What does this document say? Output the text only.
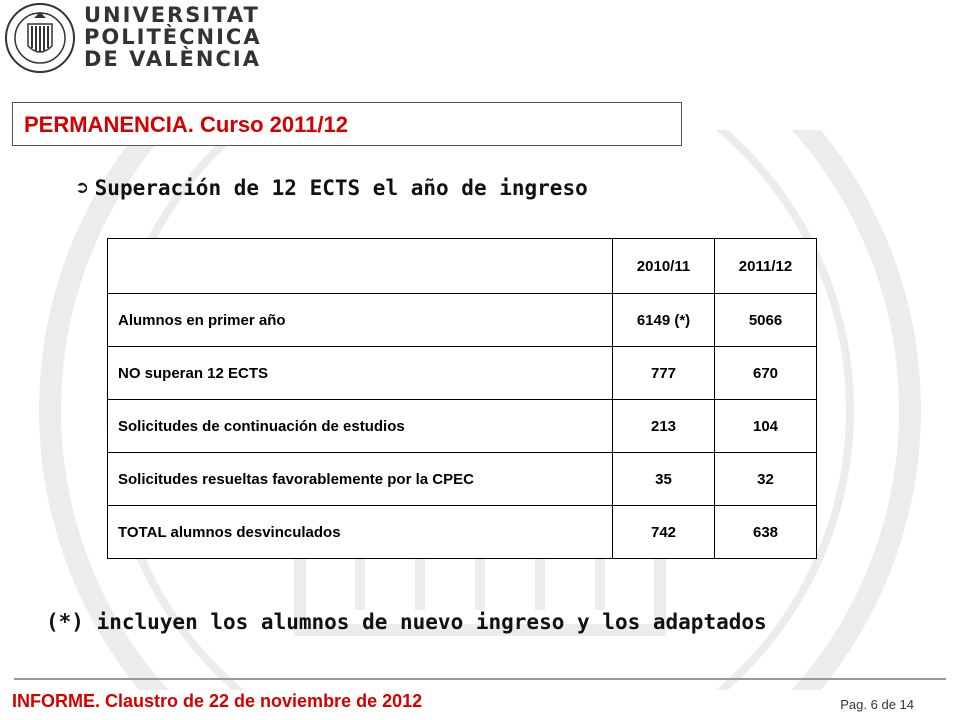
UNIVERSITAT
POLITÈCNICA
DE VALÈNCIA
PERMANENCIA. Curso 2011/12
➲ Superación de 12 ECTS el año de ingreso
	2010/11	2011/12
Alumnos en primer año	6149 (*)	5066
NO superan 12 ECTS	777	670
Solicitudes de continuación de estudios	213	104
Solicitudes resueltas favorablemente por la CPEC	35	32
TOTAL alumnos desvinculados	742	638
(*) incluyen los alumnos de nuevo ingreso y los adaptados
INFORME. Claustro de 22 de noviembre de 2012	Pag. 6 de 14
